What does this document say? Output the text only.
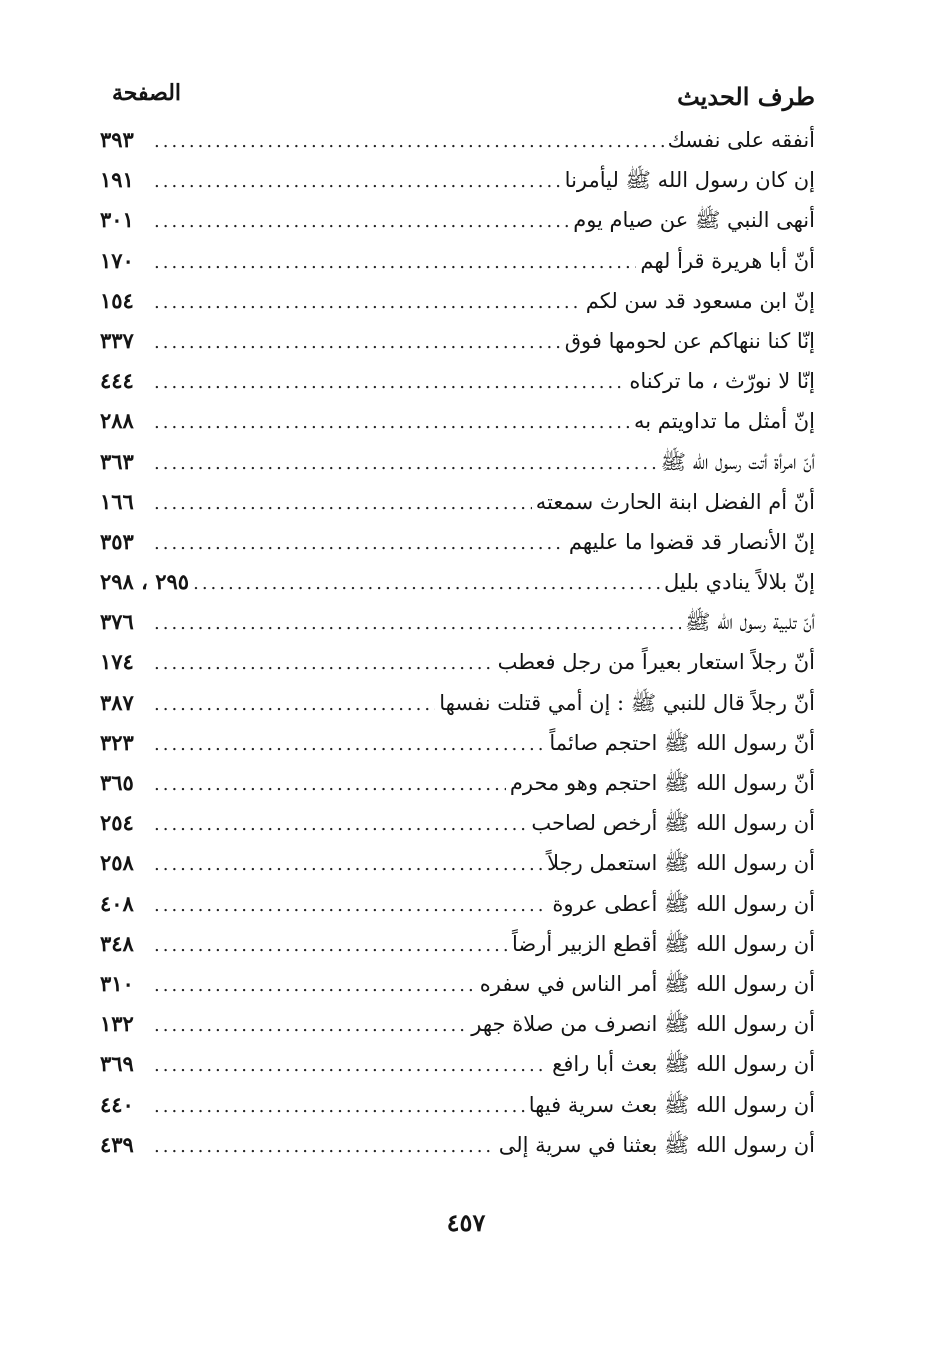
طرف الحديث
الصفحة
أنفقه على نفسك
.....
٣٩٣
إن كان رسول الله ﷺ ليأمرنا
.....
١٩١
أنهى النبي ﷺ عن صيام يوم
.....
٣٠١
أنّ أبا هريرة قرأ لهم
.....
١٧٠
إنّ ابن مسعود قد سن لكم
.....
١٥٤
إنّا كنا ننهاكم عن لحومها فوق
.....
٣٣٧
إنّا لا نورّث ، ما تركناه
.....
٤٤٤
إنّ أمثل ما تداويتم به
.....
٢٨٨
أنّ امرأة أتت رسول الله ﷺ
.....
٣٦٣
أنّ أم الفضل ابنة الحارث سمعته
.....
١٦٦
إنّ الأنصار قد قضوا ما عليهم
.....
٣٥٣
إنّ بلالاً ينادي بليل
.....
٢٩٥ ، ٢٩٨
أنّ تلبية رسول الله ﷺ
.....
٣٧٦
أنّ رجلاً استعار بعيراً من رجل فعطب
.....
١٧٤
أنّ رجلاً قال للنبي ﷺ : إن أمي قتلت نفسها
.....
٣٨٧
أنّ رسول الله ﷺ احتجم صائماً
.....
٣٢٣
أنّ رسول الله ﷺ احتجم وهو محرم
.....
٣٦٥
أن رسول الله ﷺ أرخص لصاحب
.....
٢٥٤
أن رسول الله ﷺ استعمل رجلاً
.....
٢٥٨
أن رسول الله ﷺ أعطى عروة
.....
٤٠٨
أن رسول الله ﷺ أقطع الزبير أرضاً
.....
٣٤٨
أن رسول الله ﷺ أمر الناس في سفره
.....
٣١٠
أن رسول الله ﷺ انصرف من صلاة جهر
.....
١٣٢
أن رسول الله ﷺ بعث أبا رافع
.....
٣٦٩
أن رسول الله ﷺ بعث سرية فيها
.....
٤٤٠
أن رسول الله ﷺ بعثنا في سرية إلى
.....
٤٣٩
٤٥٧
